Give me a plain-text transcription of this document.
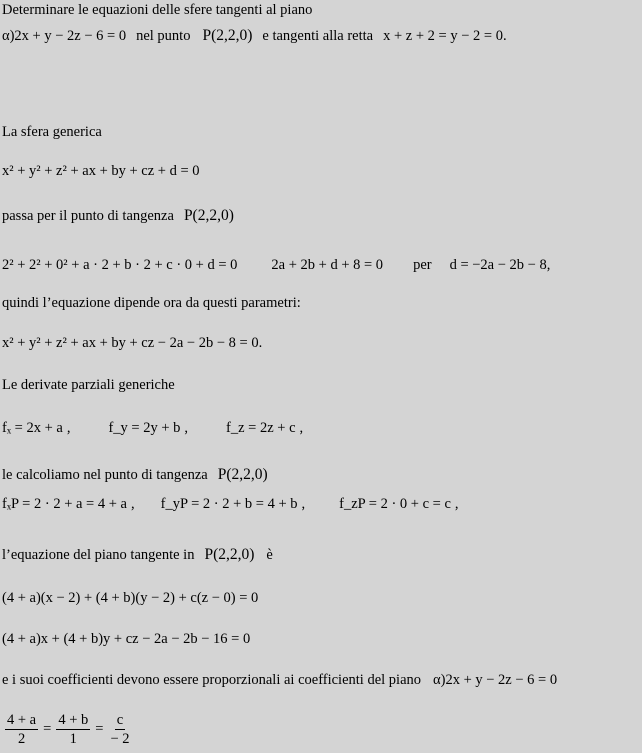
Determinare le equazioni delle sfere tangenti al piano
α)2x + y − 2z − 6 = 0 nel punto P(2,2,0) e tangenti alla retta x + z + 2 = y − 2 = 0.
La sfera generica
x² + y² + z² + ax + by + cz + d = 0
passa per il punto di tangenza P(2,2,0)
2² + 2² + 0² + a · 2 + b · 2 + c · 0 + d = 0 2a + 2b + d + 8 = 0 per d = −2a − 2b − 8,
quindi l’equazione dipende ora da questi parametri:
x² + y² + z² + ax + by + cz − 2a − 2b − 8 = 0.
Le derivate parziali generiche
fₓ = 2x + a ,	f_y = 2y + b ,	f_z = 2z + c ,
le calcoliamo nel punto di tangenza P(2,2,0)
fₓP = 2 · 2 + a = 4 + a , f_yP = 2 · 2 + b = 4 + b , f_zP = 2 · 0 + c = c ,
l’equazione del piano tangente in P(2,2,0) è
(4 + a)(x − 2) + (4 + b)(y − 2) + c(z − 0) = 0
(4 + a)x + (4 + b)y + cz − 2a − 2b − 16 = 0
e i suoi coefficienti devono essere proporzionali ai coefficienti del piano α)2x + y − 2z − 6 = 0
$\frac{4 + a}{2} = \frac{4 + b}{1} = \frac{c}{- 2}$
